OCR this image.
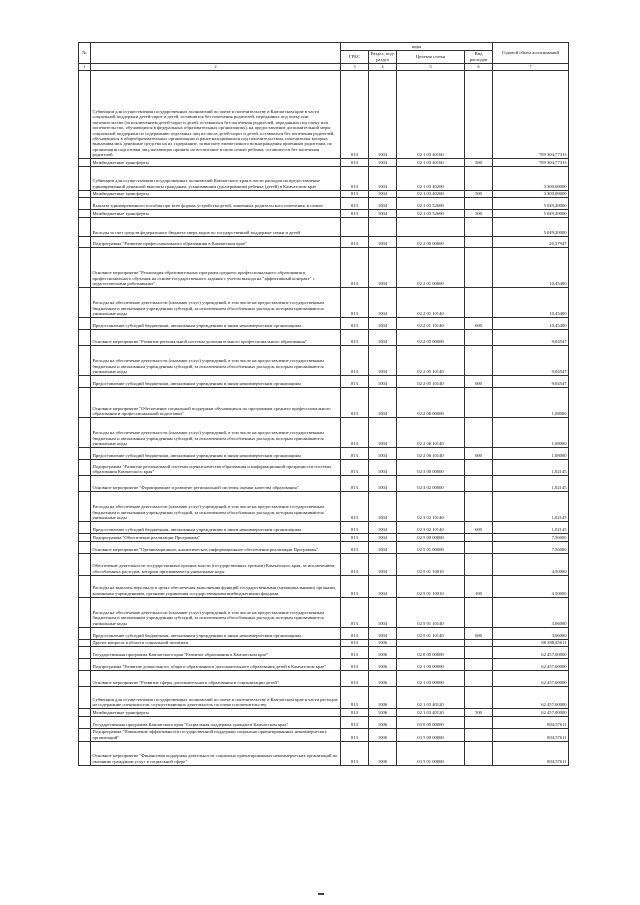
№		коды				Годовой объем ассигнований
		ГРБС	Раздел, под-раздел	Целевая статья	Вид расходов	
1	2	3	4	5	6	7
	Субвенции для осуществления государственных полномочий по опеке и попечительству в Камчатском крае в части социальной поддержки детей-сирот и детей, оставшихся без попечения родителей, переданных под опеку или попечительство (за исключением детей-сирот и детей, оставшихся без попечения родителей, переданных под опеку или попечительство, обучающихся в федеральных образовательных организациях), на предоставление дополнительной меры социальной поддержки по содержанию отдельных лиц из числа детей-сирот и детей, оставшихся без попечения родителей, обучающихся в общеобразовательных организациях и ранее находившихся под попечительством, попечителям которых выплачивались денежные средства на их содержание, за выплату ежемесячного вознаграждения приемным родителям, по организации подготовки лиц, желающих принять на воспитание в свою семью ребенка, оставшегося без попечения родителей	813	1004	02 1 03 40160		789 304,77313
	Межбюджетные трансферты	813	1004	02 1 03 40160	500	789 304,77313
	Субвенции для осуществления государственных полномочий Камчатского края в части расходов на предоставление единовременной денежной выплаты гражданам, усыновившим (удочерившим) ребенка (детей) в Камчатском крае	813	1004	02 1 03 40200		3 300,00000
	Межбюджетные трансферты	813	1004	02 1 03 40200	500	3 300,00000
	Выплата единовременного пособия при всех формах устройства детей, лишенных родительского попечения, в семью	813	1004	02 1 03 52600		5 049,20000
	Межбюджетные трансферты	813	1004	02 1 03 52600	500	5 049,20000
	Расходы за счет средств федерального бюджета сверх кодов по государственной поддержке семьи и детей					5 049,20000
	Подпрограмма "Развитие профессионального образования в Камчатском крае"	813	1004	02 2 00 00000		20,57947
	Основное мероприятие "Реализация образовательных программ среднего профессионального образования и профессионального обучения на основе государственного задания с учетом выхода на "эффективный контракт" с педагогическими работниками"	813	1004	02 2 01 00000		10,45400
	Расходы на обеспечение деятельности (оказание услуг) учреждений, в том числе на предоставление государственным бюджетным и автономным учреждениям субсидий, за исключением обособленных расходов, которым присваиваются уникальные коды	813	1004	02 2 01 10140		10,45400
	Предоставление субсидий бюджетным, автономным учреждениям и иным некоммерческим организациям	813	1004	02 2 01 10140	600	10,45400
	Основное мероприятие "Развитие региональной системы дополнительного профессионального образования"	813	1004	02 2 05 00000		9,04547
	Расходы на обеспечение деятельности (оказание услуг) учреждений, в том числе на предоставление государственным бюджетным и автономным учреждениям субсидий, за исключением обособленных расходов, которым присваиваются уникальные коды	813	1004	02 2 05 10140		9,04547
	Предоставление субсидий бюджетным, автономным учреждениям и иным некоммерческим организациям	813	1004	02 2 05 10140	600	9,04547
	Основное мероприятие "Обеспечение социальной поддержки обучающихся по программам среднего профессионального образования и профессиональной подготовки"	813	1004	02 2 06 00000		1,08000
	Расходы на обеспечение деятельности (оказание услуг) учреждений, в том числе на предоставление государственным бюджетным и автономным учреждениям субсидий, за исключением обособленных расходов, которым присваиваются уникальные коды	813	1004	02 2 06 10140		1,08000
	Предоставление субсидий бюджетным, автономным учреждениям и иным некоммерческим организациям	813	1004	02 2 06 10140	600	1,08000
	Подпрограмма "Развитие региональной системы оценки качества образования и информационной прозрачности системы образования Камчатского края"	813	1004	02 3 00 00000		1,02145
	Основное мероприятие "Формирование и развитие региональной системы оценки качества образования"	813	1004	02 3 02 00000		1,02145
	Расходы на обеспечение деятельности (оказание услуг) учреждений, в том числе на предоставление государственным бюджетным и автономным учреждениям субсидий, за исключением обособленных расходов, которым присваиваются уникальные коды	813	1004	02 3 02 10140		1,02145
	Предоставление субсидий бюджетным, автономным учреждениям и иным некоммерческим организациям	813	1004	02 3 02 10140	600	1,02145
	Подпрограмма "Обеспечение реализации Программы"	813	1004	02 5 00 00000		7,56000
	Основное мероприятие "Организационное, аналитическое, информационное обеспечение реализации Программы"	813	1004	02 5 01 00000		7,56000
	Обеспечение деятельности государственных органов власти (государственных органов) Камчатского края, за исключением обособленных расходов, которым присваиваются уникальные коды	813	1004	02 5 01 10010		4,50000
	Расходы на выплаты персоналу в целях обеспечения выполнения функций государственными (муниципальными) органами, казенными учреждениями, органами управления государственными внебюджетными фондами	813	1004	02 5 01 10010	100	4,50000
	Расходы на обеспечение деятельности (оказание услуг) учреждений, в том числе на предоставление государственным бюджетным и автономным учреждениям субсидий, за исключением обособленных расходов, которым присваиваются уникальные коды	813	1004	02 5 01 10140		3,06000
	Предоставление субсидий бюджетным, автономным учреждениям и иным некоммерческим организациям	813	1004	02 5 01 10140	600	3,06000
	Другие вопросы в области социальной политики	813	1006			88 388,45611
	Государственная программа Камчатского края "Развитие образования в Камчатском крае"	813	1006	02 0 00 00000		62 457,00000
	Подпрограмма "Развитие дошкольного, общего образования и дополнительного образования детей в Камчатском крае"	813	1006	02 1 00 00000		62 457,00000
	Основное мероприятие "Развитие сферы дополнительного образования и социализации детей"	813	1006	02 1 03 00000		62 457,00000
	Субвенции для осуществления государственных полномочий по опеке и попечительству в Камчатском крае в части расходов на содержание специалистов, осуществляющих деятельность по опеке и попечительству	813	1006	02 1 03 40120		62 457,00000
	Межбюджетные трансферты	813	1006	02 1 03 40120	500	62 457,00000
	Государственная программа Камчатского края "Социальная поддержка граждан в Камчатском крае"	813	1006	03 0 00 00000		804,57611
	Подпрограмма "Повышение эффективности государственной поддержки социально ориентированных некоммерческих организаций"	813	1006	03 5 00 00000		804,57611
	Основное мероприятие "Финансовая поддержка деятельности социально ориентированных некоммерческих организаций по оказанию гражданам услуг в социальной сфере"	813	1006	03 5 01 00000		804,57611
